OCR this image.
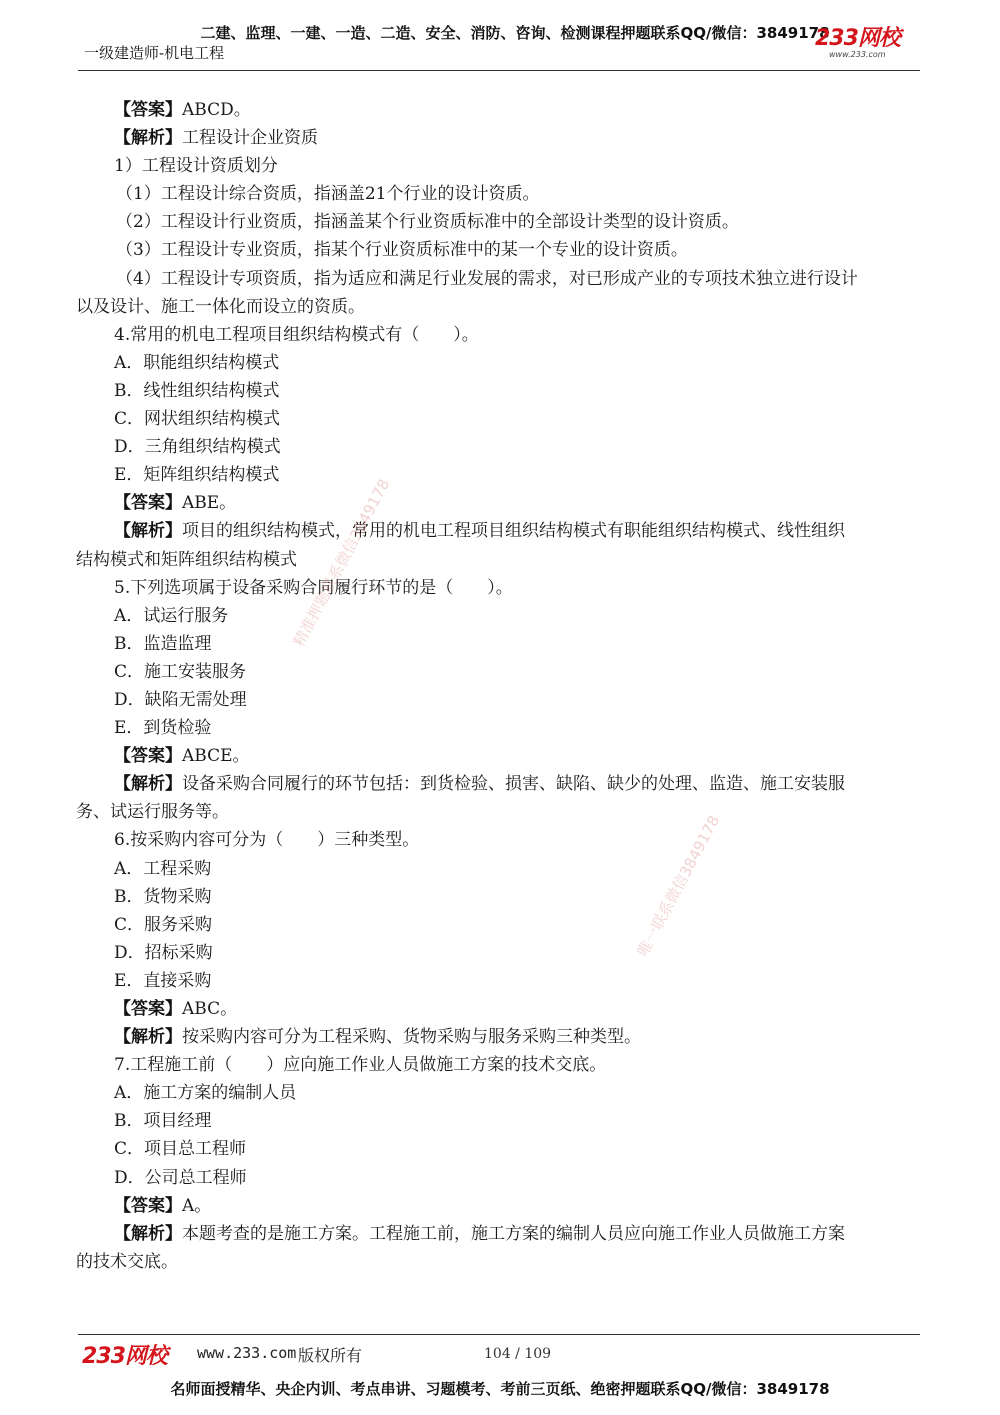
二建、监理、一建、一造、二造、安全、消防、咨询、检测课程押题联系QQ/微信：3849178
一级建造师-机电工程
233网校
www.233.com
【答案】ABCD。
【解析】工程设计企业资质
1）工程设计资质划分
（1）工程设计综合资质，指涵盖21个行业的设计资质。
（2）工程设计行业资质，指涵盖某个行业资质标准中的全部设计类型的设计资质。
（3）工程设计专业资质，指某个行业资质标准中的某一个专业的设计资质。
（4）工程设计专项资质，指为适应和满足行业发展的需求，对已形成产业的专项技术独立进行设计
以及设计、施工一体化而设立的资质。
4.常用的机电工程项目组织结构模式有（　　）。
A．职能组织结构模式
B．线性组织结构模式
C．网状组织结构模式
D．三角组织结构模式
E．矩阵组织结构模式
【答案】ABE。
【解析】项目的组织结构模式，常用的机电工程项目组织结构模式有职能组织结构模式、线性组织
结构模式和矩阵组织结构模式
5.下列选项属于设备采购合同履行环节的是（　　）。
A．试运行服务
B．监造监理
C．施工安装服务
D．缺陷无需处理
E．到货检验
【答案】ABCE。
【解析】设备采购合同履行的环节包括：到货检验、损害、缺陷、缺少的处理、监造、施工安装服
务、试运行服务等。
6.按采购内容可分为（　　）三种类型。
A．工程采购
B．货物采购
C．服务采购
D．招标采购
E．直接采购
【答案】ABC。
【解析】按采购内容可分为工程采购、货物采购与服务采购三种类型。
7.工程施工前（　　）应向施工作业人员做施工方案的技术交底。
A．施工方案的编制人员
B．项目经理
C．项目总工程师
D．公司总工程师
【答案】A。
【解析】本题考查的是施工方案。工程施工前，施工方案的编制人员应向施工作业人员做施工方案
的技术交底。
精准押题联系微信3849178
唯一联系微信3849178
233网校 www.233.com 版权所有	104 / 109
名师面授精华、央企内训、考点串讲、习题模考、考前三页纸、绝密押题联系QQ/微信：3849178
